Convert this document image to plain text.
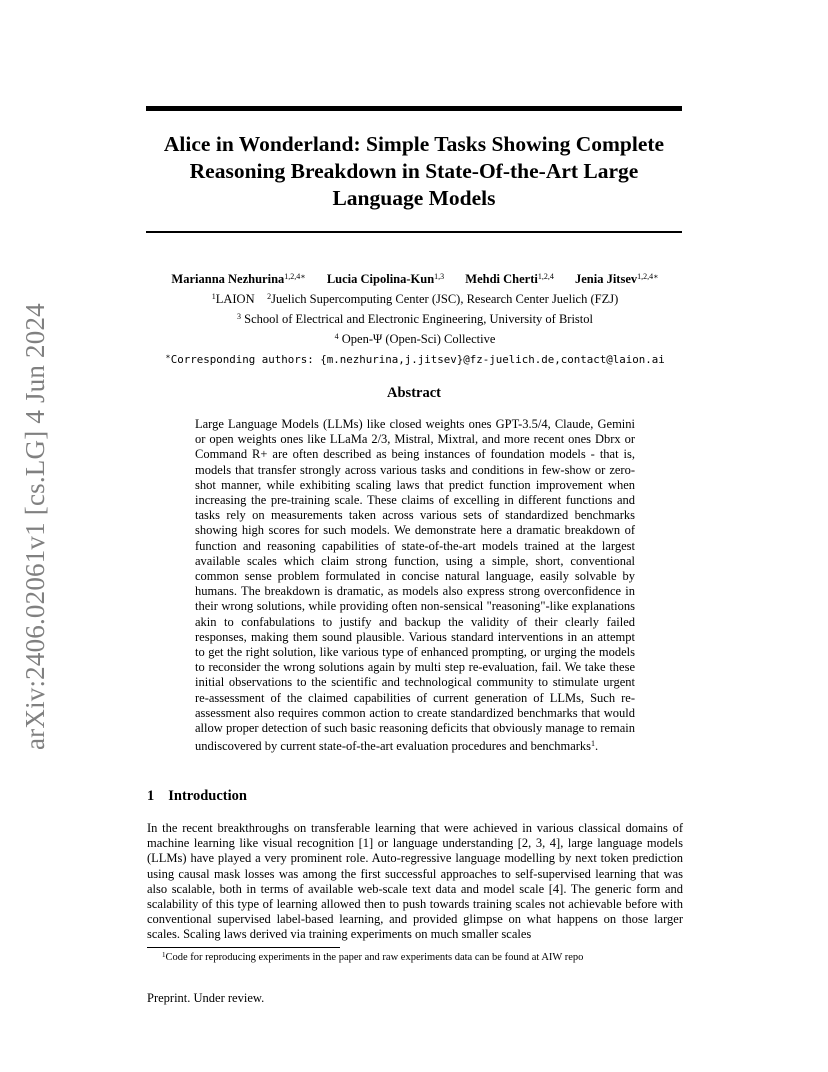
arXiv:2406.02061v1 [cs.LG] 4 Jun 2024
Alice in Wonderland: Simple Tasks Showing Complete
Reasoning Breakdown in State-Of-the-Art Large
Language Models
Marianna Nezhurina$^{1,2,4∗}$ Lucia Cipolina-Kun$^{1,3}$ Mehdi Cherti$^{1,2,4}$ Jenia Jitsev$^{1,2,4∗}$
$^1$LAION $^2$Juelich Supercomputing Center (JSC), Research Center Juelich (FZJ)
$^3$ School of Electrical and Electronic Engineering, University of Bristol
$^4$ Open-Ψ (Open-Sci) Collective
∗Corresponding authors: {m.nezhurina,j.jitsev}@fz-juelich.de,contact@laion.ai
Abstract

Large Language Models (LLMs) like closed weights ones GPT-3.5/4, Claude, Gemini or open weights ones like LLaMa 2/3, Mistral, Mixtral, and more recent ones Dbrx or Command R+ are often described as being instances of foundation models - that is, models that transfer strongly across various tasks and conditions in few-show or zero-shot manner, while exhibiting scaling laws that predict function improvement when increasing the pre-training scale. These claims of excelling in different functions and tasks rely on measurements taken across various sets of standardized benchmarks showing high scores for such models. We demonstrate here a dramatic breakdown of function and reasoning capabilities of state-of-the-art models trained at the largest available scales which claim strong function, using a simple, short, conventional common sense problem formulated in concise natural language, easily solvable by humans. The breakdown is dramatic, as models also express strong overconfidence in their wrong solutions, while providing often non-sensical "reasoning"-like explanations akin to confabulations to justify and backup the validity of their clearly failed responses, making them sound plausible. Various standard interventions in an attempt to get the right solution, like various type of enhanced prompting, or urging the models to reconsider the wrong solutions again by multi step re-evaluation, fail. We take these initial observations to the scientific and technological community to stimulate urgent re-assessment of the claimed capabilities of current generation of LLMs, Such re-assessment also requires common action to create standardized benchmarks that would allow proper detection of such basic reasoning deficits that obviously manage to remain undiscovered by current state-of-the-art evaluation procedures and benchmarks$^1$.

1 Introduction

In the recent breakthroughs on transferable learning that were achieved in various classical domains of machine learning like visual recognition [1] or language understanding [2, 3, 4], large language models (LLMs) have played a very prominent role. Auto-regressive language modelling by next token prediction using causal mask losses was among the first successful approaches to self-supervised learning that was also scalable, both in terms of available web-scale text data and model scale [4]. The generic form and scalability of this type of learning allowed then to push towards training scales not achievable before with conventional supervised label-based learning, and provided glimpse on what happens on those larger scales. Scaling laws derived via training experiments on much smaller scales

$^1$Code for reproducing experiments in the paper and raw experiments data can be found at AIW repo
Preprint. Under review.
